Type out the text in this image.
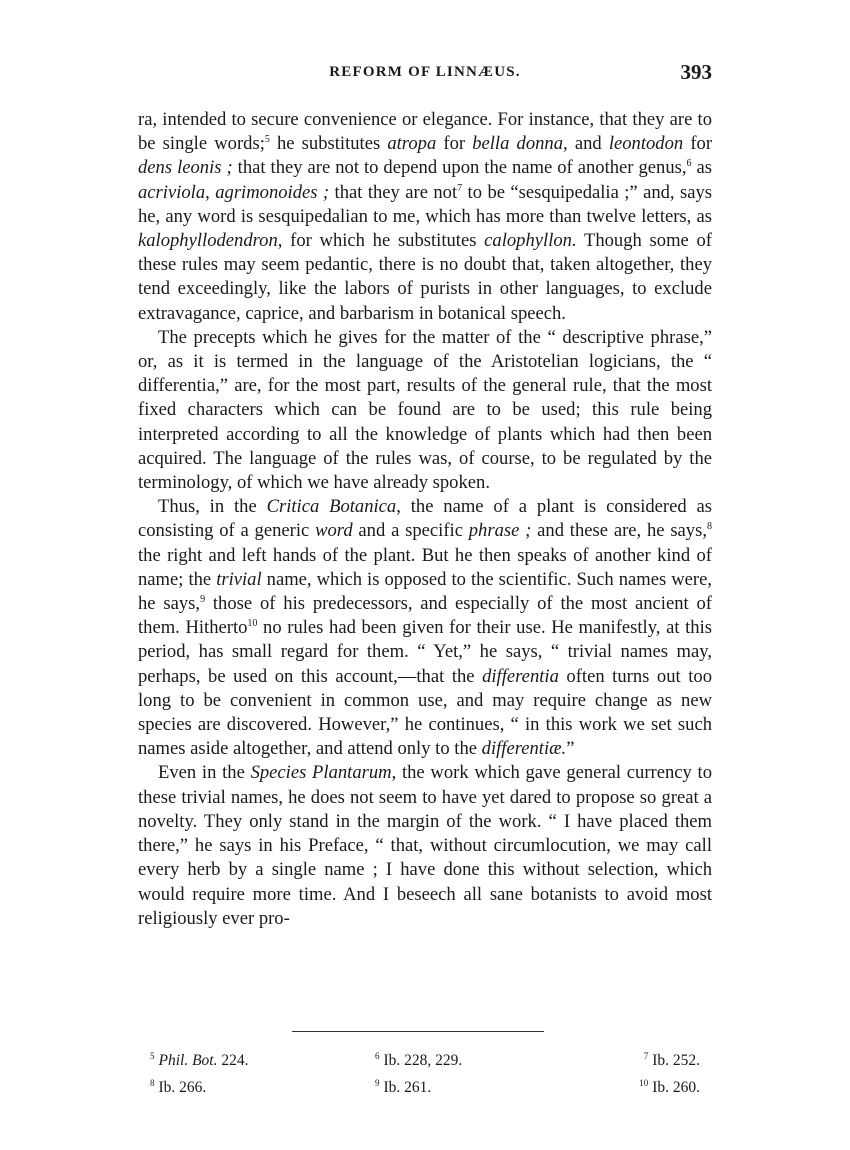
REFORM OF LINNÆUS.	393

ra, intended to secure convenience or elegance. For instance, that they are to be single words;$^5$ he substitutes atropa for bella donna, and leontodon for dens leonis ; that they are not to depend upon the name of another genus,$^6$ as acriviola, agrimonoides ; that they are not$^7$ to be “sesquipedalia ;” and, says he, any word is sesquipedalian to me, which has more than twelve letters, as kalophyllodendron, for which he substitutes calophyllon. Though some of these rules may seem pedantic, there is no doubt that, taken altogether, they tend exceedingly, like the labors of purists in other languages, to exclude extravagance, caprice, and barbarism in botanical speech.

The precepts which he gives for the matter of the “ descriptive phrase,” or, as it is termed in the language of the Aristotelian logicians, the “ differentia,” are, for the most part, results of the general rule, that the most fixed characters which can be found are to be used; this rule being interpreted according to all the knowledge of plants which had then been acquired. The language of the rules was, of course, to be regulated by the terminology, of which we have already spoken.

Thus, in the Critica Botanica, the name of a plant is considered as consisting of a generic word and a specific phrase ; and these are, he says,$^8$ the right and left hands of the plant. But he then speaks of another kind of name; the trivial name, which is opposed to the scientific. Such names were, he says,$^9$ those of his predecessors, and especially of the most ancient of them. Hitherto$^{10}$ no rules had been given for their use. He manifestly, at this period, has small regard for them. “ Yet,” he says, “ trivial names may, perhaps, be used on this account,—that the differentia often turns out too long to be convenient in common use, and may require change as new species are discovered. However,” he continues, “ in this work we set such names aside altogether, and attend only to the differentiæ.”

Even in the Species Plantarum, the work which gave general currency to these trivial names, he does not seem to have yet dared to propose so great a novelty. They only stand in the margin of the work. “ I have placed them there,” he says in his Preface, “ that, without circumlocution, we may call every herb by a single name ; I have done this without selection, which would require more time. And I beseech all sane botanists to avoid most religiously ever pro-

$^5$ Phil. Bot. 224.	$^6$ Ib. 228, 229.	$^7$ Ib. 252.
$^8$ Ib. 266.	$^9$ Ib. 261.	$^{10}$ Ib. 260.
